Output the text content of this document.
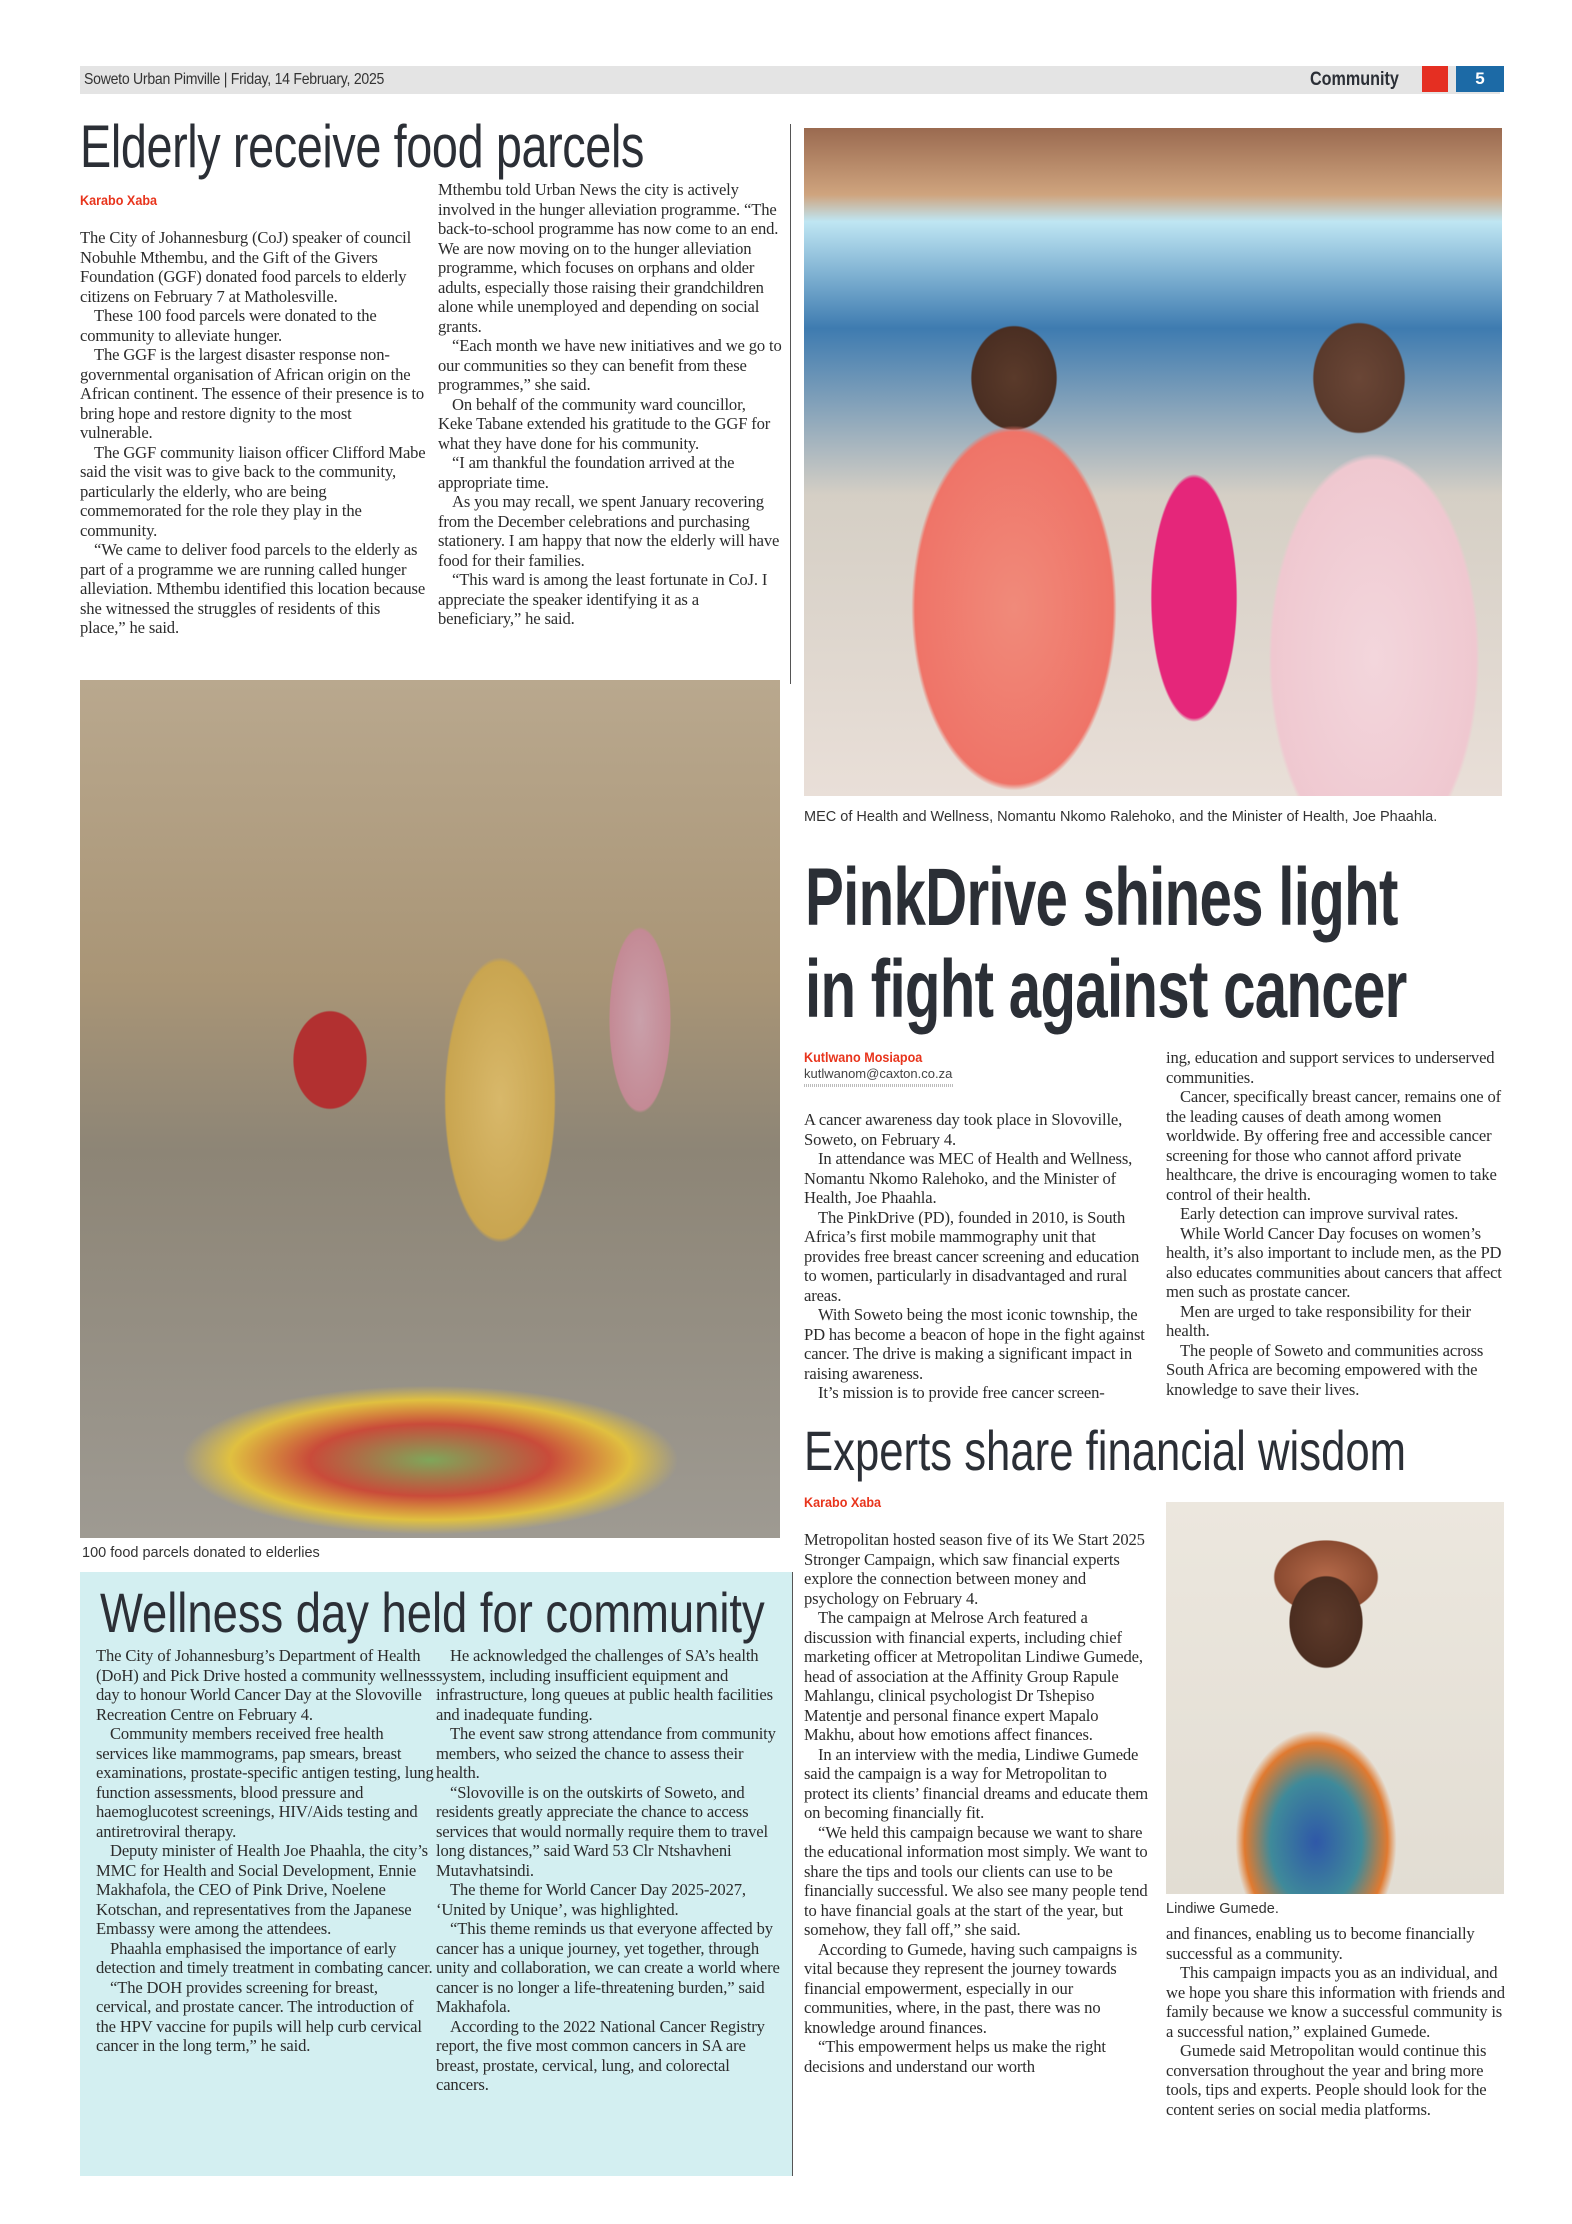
Soweto Urban Pimville | Friday, 14 February, 2025	Community	5
Elderly receive food parcels
Karabo Xaba

The City of Johannesburg (CoJ) speaker of council Nobuhle Mthembu, and the Gift of the Givers Foundation (GGF) donated food parcels to elderly citizens on February 7 at Matholesville.

These 100 food parcels were donated to the community to alleviate hunger.

The GGF is the largest disaster response non-governmental organisation of African origin on the African continent. The essence of their presence is to bring hope and restore dignity to the most vulnerable.

The GGF community liaison officer Clifford Mabe said the visit was to give back to the community, particularly the elderly, who are being commemorated for the role they play in the community.

“We came to deliver food parcels to the elderly as part of a programme we are running called hunger alleviation. Mthembu identified this location because she witnessed the struggles of residents of this place,” he said.

Mthembu told Urban News the city is actively involved in the hunger alleviation programme. “The back-to-school programme has now come to an end. We are now moving on to the hunger alleviation programme, which focuses on orphans and older adults, especially those raising their grandchildren alone while unemployed and depending on social grants.

“Each month we have new initiatives and we go to our communities so they can benefit from these programmes,” she said.

On behalf of the community ward councillor, Keke Tabane extended his gratitude to the GGF for what they have done for his community.

“I am thankful the foundation arrived at the appropriate time.

As you may recall, we spent January recovering from the December celebrations and purchasing stationery. I am happy that now the elderly will have food for their families.

“This ward is among the least fortunate in CoJ. I appreciate the speaker identifying it as a beneficiary,” he said.

100 food parcels donated to elderlies
MEC of Health and Wellness, Nomantu Nkomo Ralehoko, and the Minister of Health, Joe Phaahla.
PinkDrive shines light
in fight against cancer
Kutlwano Mosiapoa
kutlwanom@caxton.co.za

A cancer awareness day took place in Slovoville, Soweto, on February 4.

In attendance was MEC of Health and Wellness, Nomantu Nkomo Ralehoko, and the Minister of Health, Joe Phaahla.

The PinkDrive (PD), founded in 2010, is South Africa’s first mobile mammography unit that provides free breast cancer screening and education to women, particularly in disadvantaged and rural areas.

With Soweto being the most iconic township, the PD has become a beacon of hope in the fight against cancer. The drive is making a significant impact in raising awareness.

It’s mission is to provide free cancer screen-

ing, education and support services to underserved communities.

Cancer, specifically breast cancer, remains one of the leading causes of death among women worldwide. By offering free and accessible cancer screening for those who cannot afford private healthcare, the drive is encouraging women to take control of their health.

Early detection can improve survival rates.

While World Cancer Day focuses on women’s health, it’s also important to include men, as the PD also educates communities about cancers that affect men such as prostate cancer.

Men are urged to take responsibility for their health.

The people of Soweto and communities across South Africa are becoming empowered with the knowledge to save their lives.

Experts share financial wisdom
Karabo Xaba

Metropolitan hosted season five of its We Start 2025 Stronger Campaign, which saw financial experts explore the connection between money and psychology on February 4.

The campaign at Melrose Arch featured a discussion with financial experts, including chief marketing officer at Metropolitan Lindiwe Gumede, head of association at the Affinity Group Rapule Mahlangu, clinical psychologist Dr Tshepiso Matentje and personal finance expert Mapalo Makhu, about how emotions affect finances.

In an interview with the media, Lindiwe Gumede said the campaign is a way for Metropolitan to protect its clients’ financial dreams and educate them on becoming financially fit.

“We held this campaign because we want to share the educational information most simply. We want to share the tips and tools our clients can use to be financially successful. We also see many people tend to have financial goals at the start of the year, but somehow, they fall off,” she said.

According to Gumede, having such campaigns is vital because they represent the journey towards financial empowerment, especially in our communities, where, in the past, there was no knowledge around finances.

“This empowerment helps us make the right decisions and understand our worth

Lindiwe Gumede.

and finances, enabling us to become financially successful as a community.

This campaign impacts you as an individual, and we hope you share this information with friends and family because we know a successful community is a successful nation,” explained Gumede.

Gumede said Metropolitan would continue this conversation throughout the year and bring more tools, tips and experts. People should look for the content series on social media platforms.

Wellness day held for community

The City of Johannesburg’s Department of Health (DoH) and Pick Drive hosted a community wellness day to honour World Cancer Day at the Slovoville Recreation Centre on February 4.

Community members received free health services like mammograms, pap smears, breast examinations, prostate-specific antigen testing, lung function assessments, blood pressure and haemoglucotest screenings, HIV/Aids testing and antiretroviral therapy.

Deputy minister of Health Joe Phaahla, the city’s MMC for Health and Social Development, Ennie Makhafola, the CEO of Pink Drive, Noelene Kotschan, and representatives from the Japanese Embassy were among the attendees.

Phaahla emphasised the importance of early detection and timely treatment in combating cancer.

“The DOH provides screening for breast, cervical, and prostate cancer. The introduction of the HPV vaccine for pupils will help curb cervical cancer in the long term,” he said.

He acknowledged the challenges of SA’s health system, including insufficient equipment and infrastructure, long queues at public health facilities and inadequate funding.

The event saw strong attendance from community members, who seized the chance to assess their health.

“Slovoville is on the outskirts of Soweto, and residents greatly appreciate the chance to access services that would normally require them to travel long distances,” said Ward 53 Clr Ntshavheni Mutavhatsindi.

The theme for World Cancer Day 2025-2027, ‘United by Unique’, was highlighted.

“This theme reminds us that everyone affected by cancer has a unique journey, yet together, through unity and collaboration, we can create a world where cancer is no longer a life-threatening burden,” said Makhafola.

According to the 2022 National Cancer Registry report, the five most common cancers in SA are breast, prostate, cervical, lung, and colorectal cancers.
